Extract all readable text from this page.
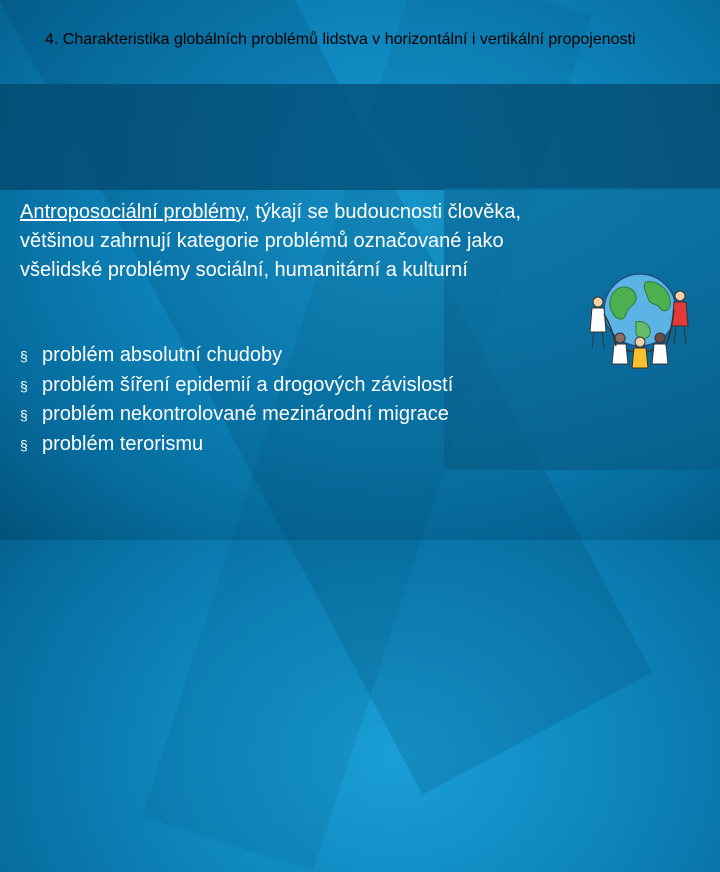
4. Charakteristika globálních problémů lidstva v horizontální i vertikální propojenosti
Antroposociální problémy, týkají se budoucnosti člověka, většinou zahrnují kategorie problémů označované jako všelidské problémy sociální, humanitární a kulturní
§ problém absolutní chudoby
§ problém šíření epidemií a drogových závislostí
§ problém nekontrolované mezinárodní migrace
§ problém terorismu
